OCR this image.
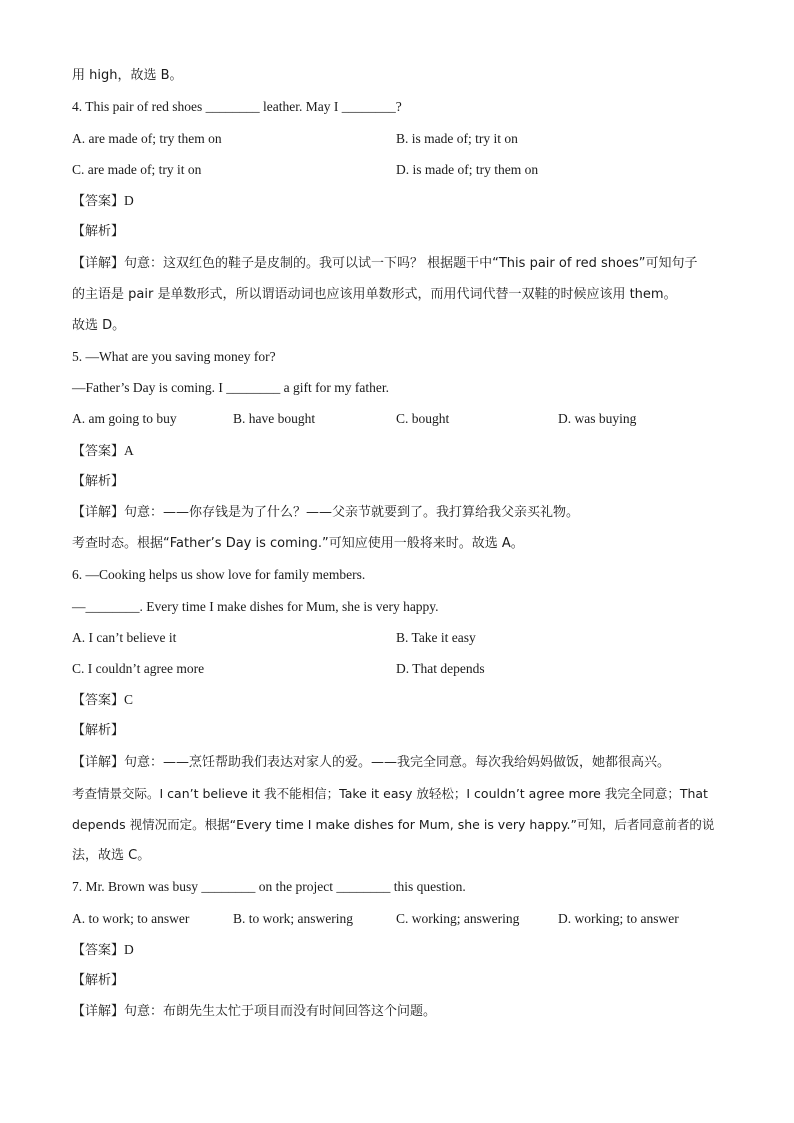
用 high，故选 B。
4. This pair of red shoes ________ leather. May I ________?
A. are made of; try them on	B. is made of; try it on
C. are made of; try it on	D. is made of; try them on
【答案】D
【解析】
【详解】句意：这双红色的鞋子是皮制的。我可以试一下吗？ 根据题干中“This pair of red shoes”可知句子
的主语是 pair 是单数形式，所以谓语动词也应该用单数形式，而用代词代替一双鞋的时候应该用 them。
故选 D。
5. —What are you saving money for?
—Father’s Day is coming. I ________ a gift for my father.
A. am going to buy	B. have bought	C. bought	D. was buying
【答案】A
【解析】
【详解】句意：——你存钱是为了什么？——父亲节就要到了。我打算给我父亲买礼物。
考查时态。根据“Father’s Day is coming.”可知应使用一般将来时。故选 A。
6. —Cooking helps us show love for family members.
—________. Every time I make dishes for Mum, she is very happy.
A. I can’t believe it	B. Take it easy
C. I couldn’t agree more	D. That depends
【答案】C
【解析】
【详解】句意：——烹饪帮助我们表达对家人的爱。——我完全同意。每次我给妈妈做饭，她都很高兴。
考查情景交际。I can’t believe it 我不能相信；Take it easy 放轻松；I couldn’t agree more 我完全同意；That
depends 视情况而定。根据“Every time I make dishes for Mum, she is very happy.”可知，后者同意前者的说
法，故选 C。
7. Mr. Brown was busy ________ on the project ________ this question.
A. to work; to answer	B. to work; answering	C. working; answering	D. working; to answer
【答案】D
【解析】
【详解】句意：布朗先生太忙于项目而没有时间回答这个问题。
